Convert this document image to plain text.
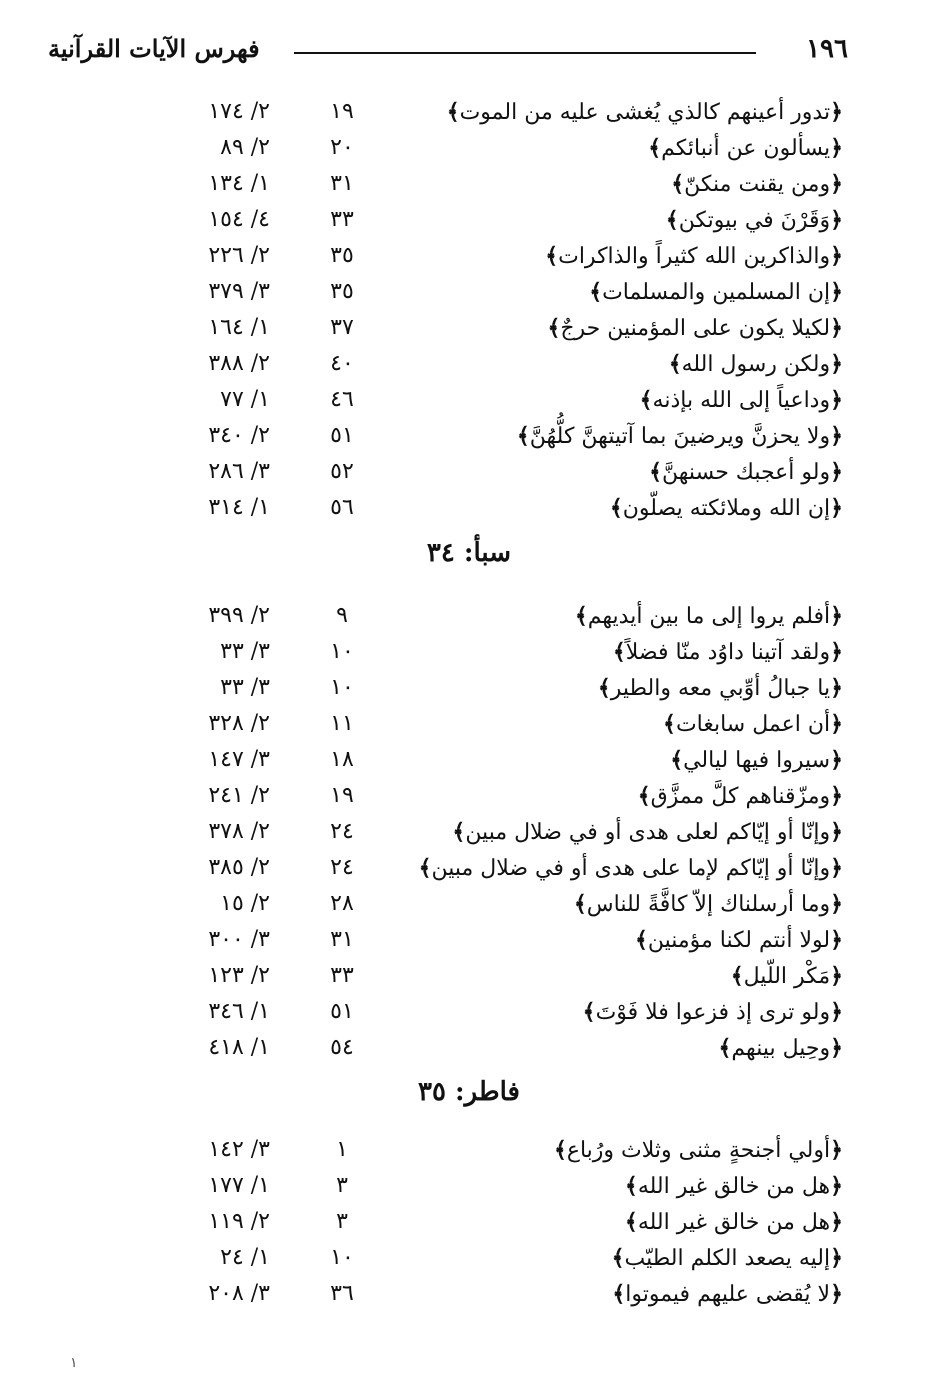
١٩٦
فهرس الآيات القرآنية
﴿تدور أعينهم كالذي يُغشى عليه من الموت﴾
١٩
٢/ ١٧٤
﴿يسألون عن أنبائكم﴾
٢٠
٢/ ٨٩
﴿ومن يقنت منكنّ﴾
٣١
١/ ١٣٤
﴿وَقَرْنَ في بيوتكن﴾
٣٣
٤/ ١٥٤
﴿والذاكرين الله كثيراً والذاكرات﴾
٣٥
٢/ ٢٢٦
﴿إن المسلمين والمسلمات﴾
٣٥
٣/ ٣٧٩
﴿لكيلا يكون على المؤمنين حرجٌ﴾
٣٧
١/ ١٦٤
﴿ولكن رسول الله﴾
٤٠
٢/ ٣٨٨
﴿وداعياً إلى الله بإذنه﴾
٤٦
١/ ٧٧
﴿ولا يحزنَّ ويرضينَ بما آتيتهنَّ كلُّهُنَّ﴾
٥١
٢/ ٣٤٠
﴿ولو أعجبك حسنهنَّ﴾
٥٢
٣/ ٢٨٦
﴿إن الله وملائكته يصلّون﴾
٥٦
١/ ٣١٤
سبأ: ٣٤
﴿أفلم يروا إلى ما بين أيديهم﴾
٩
٢/ ٣٩٩
﴿ولقد آتينا داوُد منّا فضلاً﴾
١٠
٣/ ٣٣
﴿يا جبالُ أوِّبي معه والطير﴾
١٠
٣/ ٣٣
﴿أن اعمل سابغات﴾
١١
٢/ ٣٢٨
﴿سيروا فيها ليالي﴾
١٨
٣/ ١٤٧
﴿ومزّقناهم كلَّ ممزَّق﴾
١٩
٢/ ٢٤١
﴿وإنّا أو إيّاكم لعلى هدى أو في ضلال مبين﴾
٢٤
٢/ ٣٧٨
﴿وإنّا أو إيّاكم لإما على هدى أو في ضلال مبين﴾
٢٤
٢/ ٣٨٥
﴿وما أرسلناك إلاّ كافَّةً للناس﴾
٢٨
٢/ ١٥
﴿لولا أنتم لكنا مؤمنين﴾
٣١
٣/ ٣٠٠
﴿مَكْر اللّيل﴾
٣٣
٢/ ١٢٣
﴿ولو ترى إذ فزعوا فلا فَوْتَ﴾
٥١
١/ ٣٤٦
﴿وحِيل بينهم﴾
٥٤
١/ ٤١٨
فاطر: ٣٥
﴿أولي أجنحةٍ مثنى وثلاث ورُباع﴾
١
٣/ ١٤٢
﴿هل من خالق غير الله﴾
٣
١/ ١٧٧
﴿هل من خالق غير الله﴾
٣
٢/ ١١٩
﴿إليه يصعد الكلم الطيّب﴾
١٠
١/ ٢٤
﴿لا يُقضى عليهم فيموتوا﴾
٣٦
٣/ ٢٠٨
١
